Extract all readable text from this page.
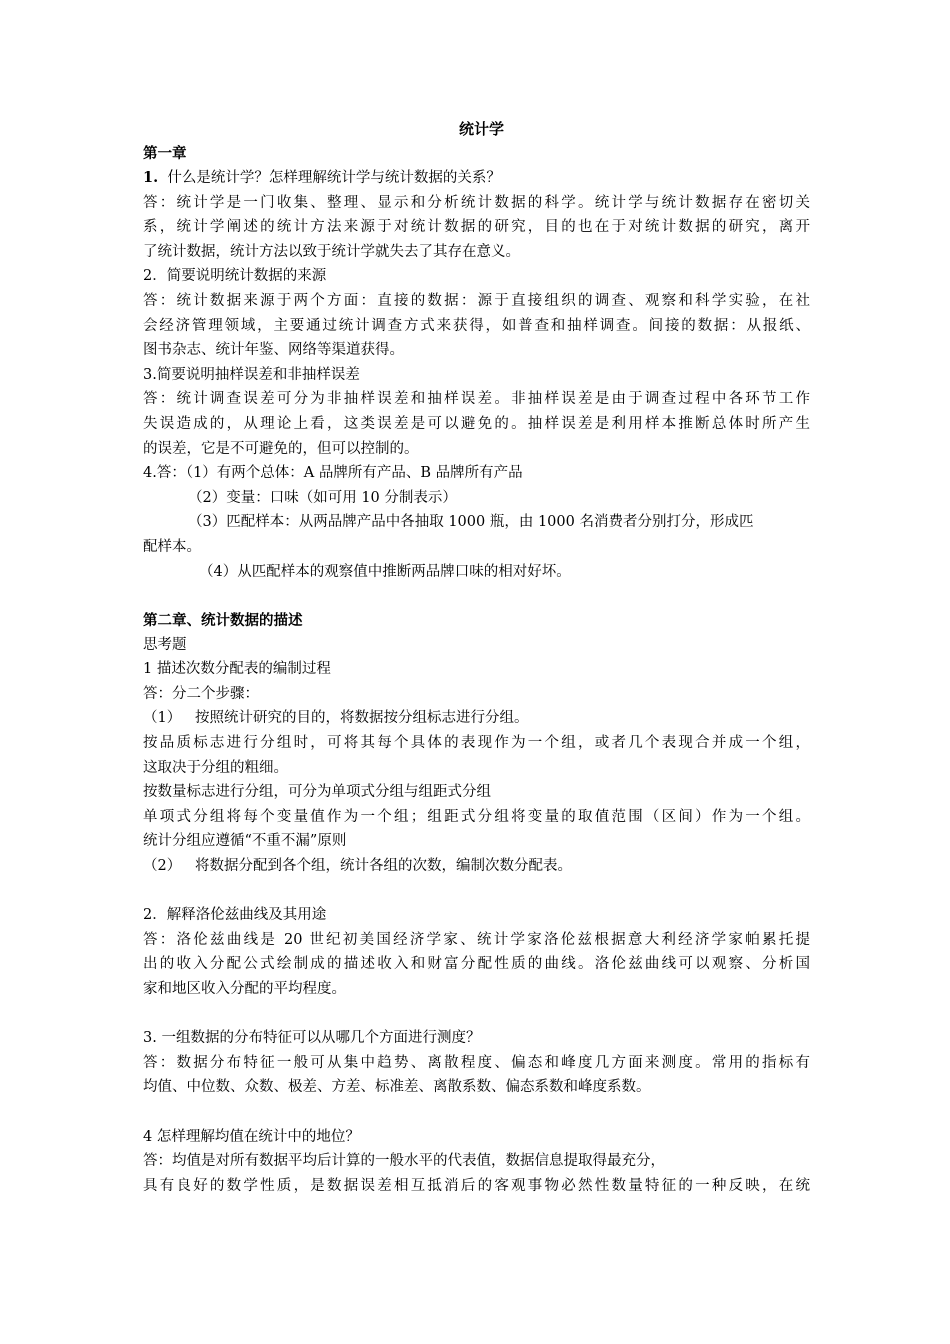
统计学
第一章
1. 什么是统计学？怎样理解统计学与统计数据的关系？
答：统计学是一门收集、整理、显示和分析统计数据的科学。统计学与统计数据存在密切关
系，统计学阐述的统计方法来源于对统计数据的研究，目的也在于对统计数据的研究，离开
了统计数据，统计方法以致于统计学就失去了其存在意义。
2．简要说明统计数据的来源
答：统计数据来源于两个方面：直接的数据：源于直接组织的调查、观察和科学实验，在社
会经济管理领域，主要通过统计调查方式来获得，如普查和抽样调查。间接的数据：从报纸、
图书杂志、统计年鉴、网络等渠道获得。
3.简要说明抽样误差和非抽样误差
答：统计调查误差可分为非抽样误差和抽样误差。非抽样误差是由于调查过程中各环节工作
失误造成的，从理论上看，这类误差是可以避免的。抽样误差是利用样本推断总体时所产生
的误差，它是不可避免的，但可以控制的。
4.答：（1）有两个总体：A 品牌所有产品、B 品牌所有产品
（2）变量：口味（如可用 10 分制表示）
（3）匹配样本：从两品牌产品中各抽取 1000 瓶，由 1000 名消费者分别打分，形成匹
配样本。
（4）从匹配样本的观察值中推断两品牌口味的相对好坏。
第二章、统计数据的描述
思考题
1 描述次数分配表的编制过程
答：分二个步骤：
（1）   按照统计研究的目的，将数据按分组标志进行分组。
按品质标志进行分组时，可将其每个具体的表现作为一个组，或者几个表现合并成一个组，
这取决于分组的粗细。
按数量标志进行分组，可分为单项式分组与组距式分组
单项式分组将每个变量值作为一个组；组距式分组将变量的取值范围（区间）作为一个组。
统计分组应遵循“不重不漏”原则
（2）   将数据分配到各个组，统计各组的次数，编制次数分配表。
2．解释洛伦兹曲线及其用途
答：洛伦兹曲线是 20 世纪初美国经济学家、统计学家洛伦兹根据意大利经济学家帕累托提
出的收入分配公式绘制成的描述收入和财富分配性质的曲线。洛伦兹曲线可以观察、分析国
家和地区收入分配的平均程度。
3. 一组数据的分布特征可以从哪几个方面进行测度？
答：数据分布特征一般可从集中趋势、离散程度、偏态和峰度几方面来测度。常用的指标有
均值、中位数、众数、极差、方差、标准差、离散系数、偏态系数和峰度系数。
4 怎样理解均值在统计中的地位？
答：均值是对所有数据平均后计算的一般水平的代表值，数据信息提取得最充分，
具有良好的数学性质，是数据误差相互抵消后的客观事物必然性数量特征的一种反映，在统
